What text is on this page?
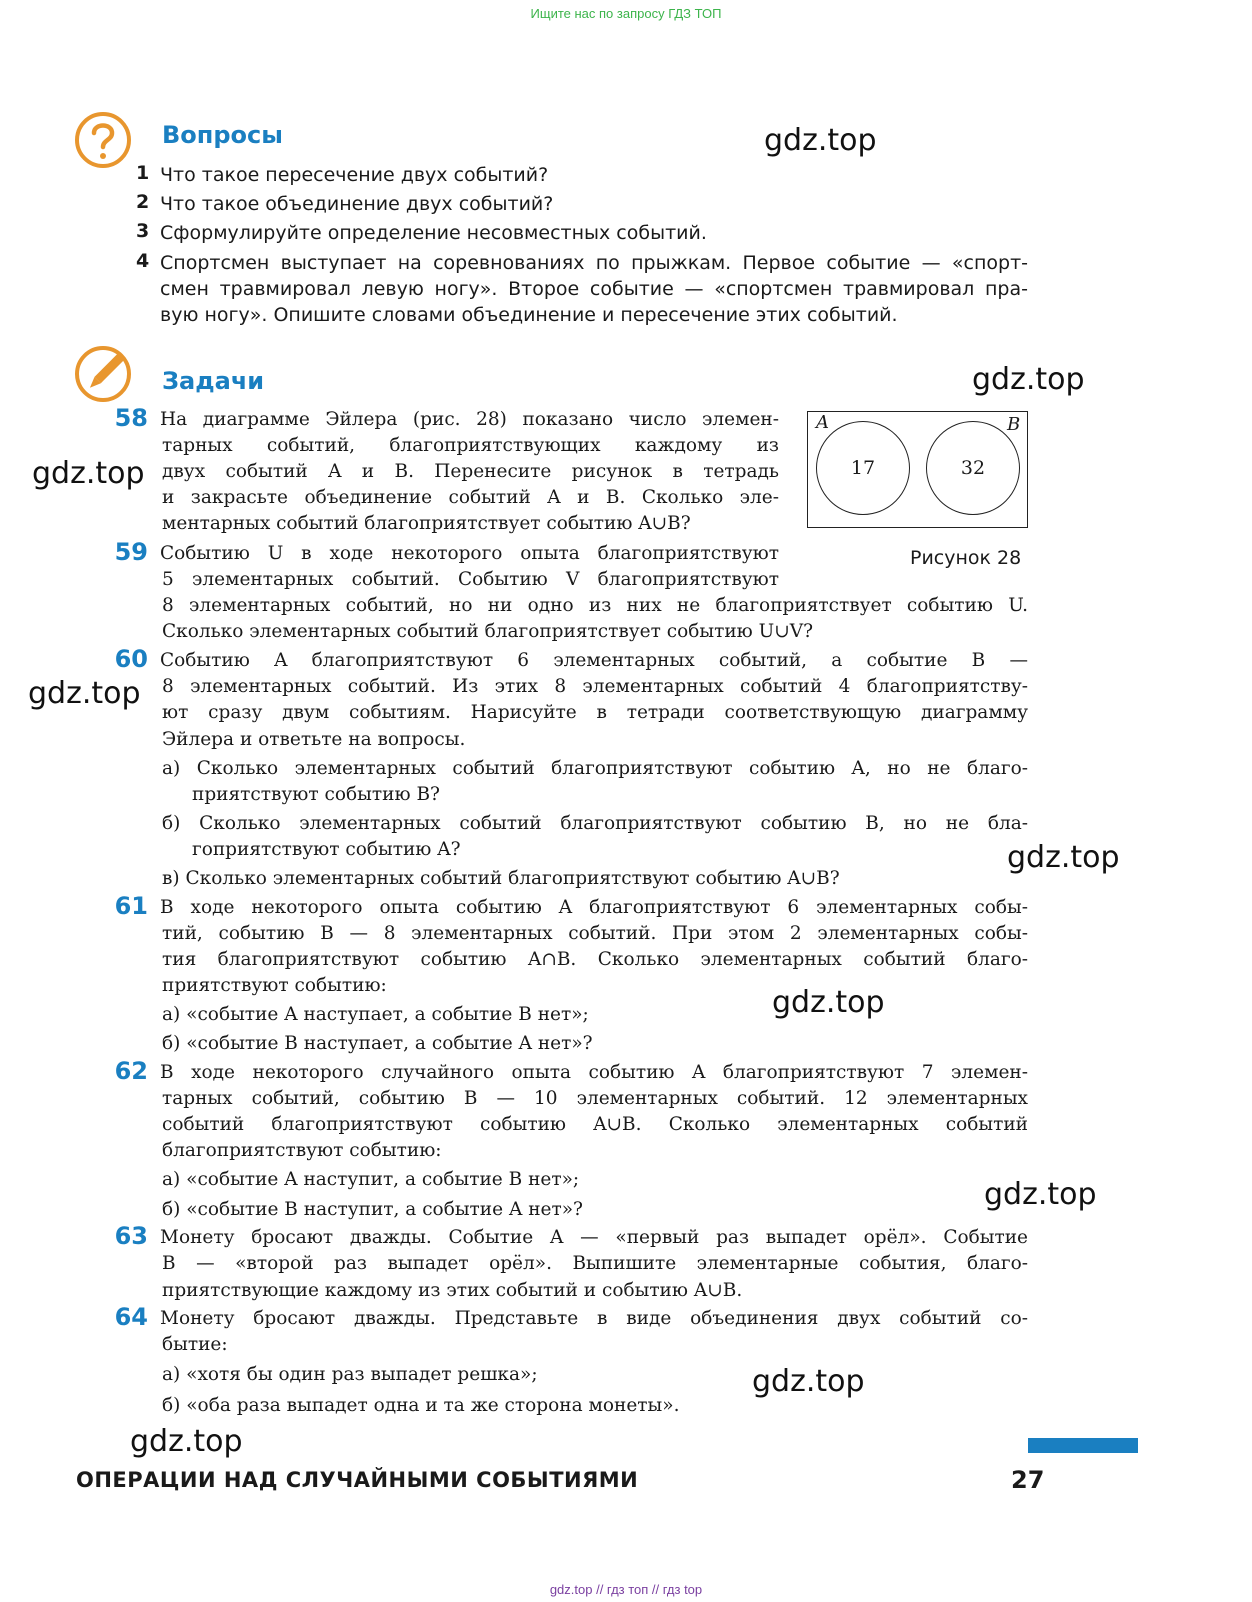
Ищите нас по запросу ГДЗ ТОП
Вопросы
1 Что такое пересечение двух событий?
2 Что такое объединение двух событий?
3 Сформулируйте определение несовместных событий.
4 Спортсмен выступает на соревнованиях по прыжкам. Первое событие — «спорт-
смен травмировал левую ногу». Второе событие — «спортсмен травмировал пра-
вую ногу». Опишите словами объединение и пересечение этих событий.
Задачи
58 На диаграмме Эйлера (рис. 28) показано число элемен-
тарных событий, благоприятствующих каждому из
двух событий A и B. Перенесите рисунок в тетрадь
и закрасьте объединение событий A и B. Сколько эле-
ментарных событий благоприятствует событию A∪B?
A	B
17	32
Рисунок 28
59 Событию U в ходе некоторого опыта благоприятствуют
5 элементарных событий. Событию V благоприятствуют
8 элементарных событий, но ни одно из них не благоприятствует событию U.
Сколько элементарных событий благоприятствует событию U∪V?
60 Событию A благоприятствуют 6 элементарных событий, а событие B —
8 элементарных событий. Из этих 8 элементарных событий 4 благоприятству-
ют сразу двум событиям. Нарисуйте в тетради соответствующую диаграмму
Эйлера и ответьте на вопросы.
а) Сколько элементарных событий благоприятствуют событию A, но не благо-
приятствуют событию B?
б) Сколько элементарных событий благоприятствуют событию B, но не бла-
гоприятствуют событию A?
в) Сколько элементарных событий благоприятствуют событию A∪B?
61 В ходе некоторого опыта событию A благоприятствуют 6 элементарных собы-
тий, событию B — 8 элементарных событий. При этом 2 элементарных собы-
тия благоприятствуют событию A∩B. Сколько элементарных событий благо-
приятствуют событию:
а) «событие A наступает, а событие B нет»;
б) «событие B наступает, а событие A нет»?
62 В ходе некоторого случайного опыта событию A благоприятствуют 7 элемен-
тарных событий, событию B — 10 элементарных событий. 12 элементарных
событий благоприятствуют событию A∪B. Сколько элементарных событий
благоприятствуют событию:
а) «событие A наступит, а событие B нет»;
б) «событие B наступит, а событие A нет»?
63 Монету бросают дважды. Событие A — «первый раз выпадет орёл». Событие
B — «второй раз выпадет орёл». Выпишите элементарные события, благо-
приятствующие каждому из этих событий и событию A∪B.
64 Монету бросают дважды. Представьте в виде объединения двух событий со-
бытие:
а) «хотя бы один раз выпадет решка»;
б) «оба раза выпадет одна и та же сторона монеты».
gdz.top
gdz.top
gdz.top
gdz.top
gdz.top
gdz.top
gdz.top
gdz.top
gdz.top
ОПЕРАЦИИ НАД СЛУЧАЙНЫМИ СОБЫТИЯМИ	27
gdz.top // гдз топ // гдз top
